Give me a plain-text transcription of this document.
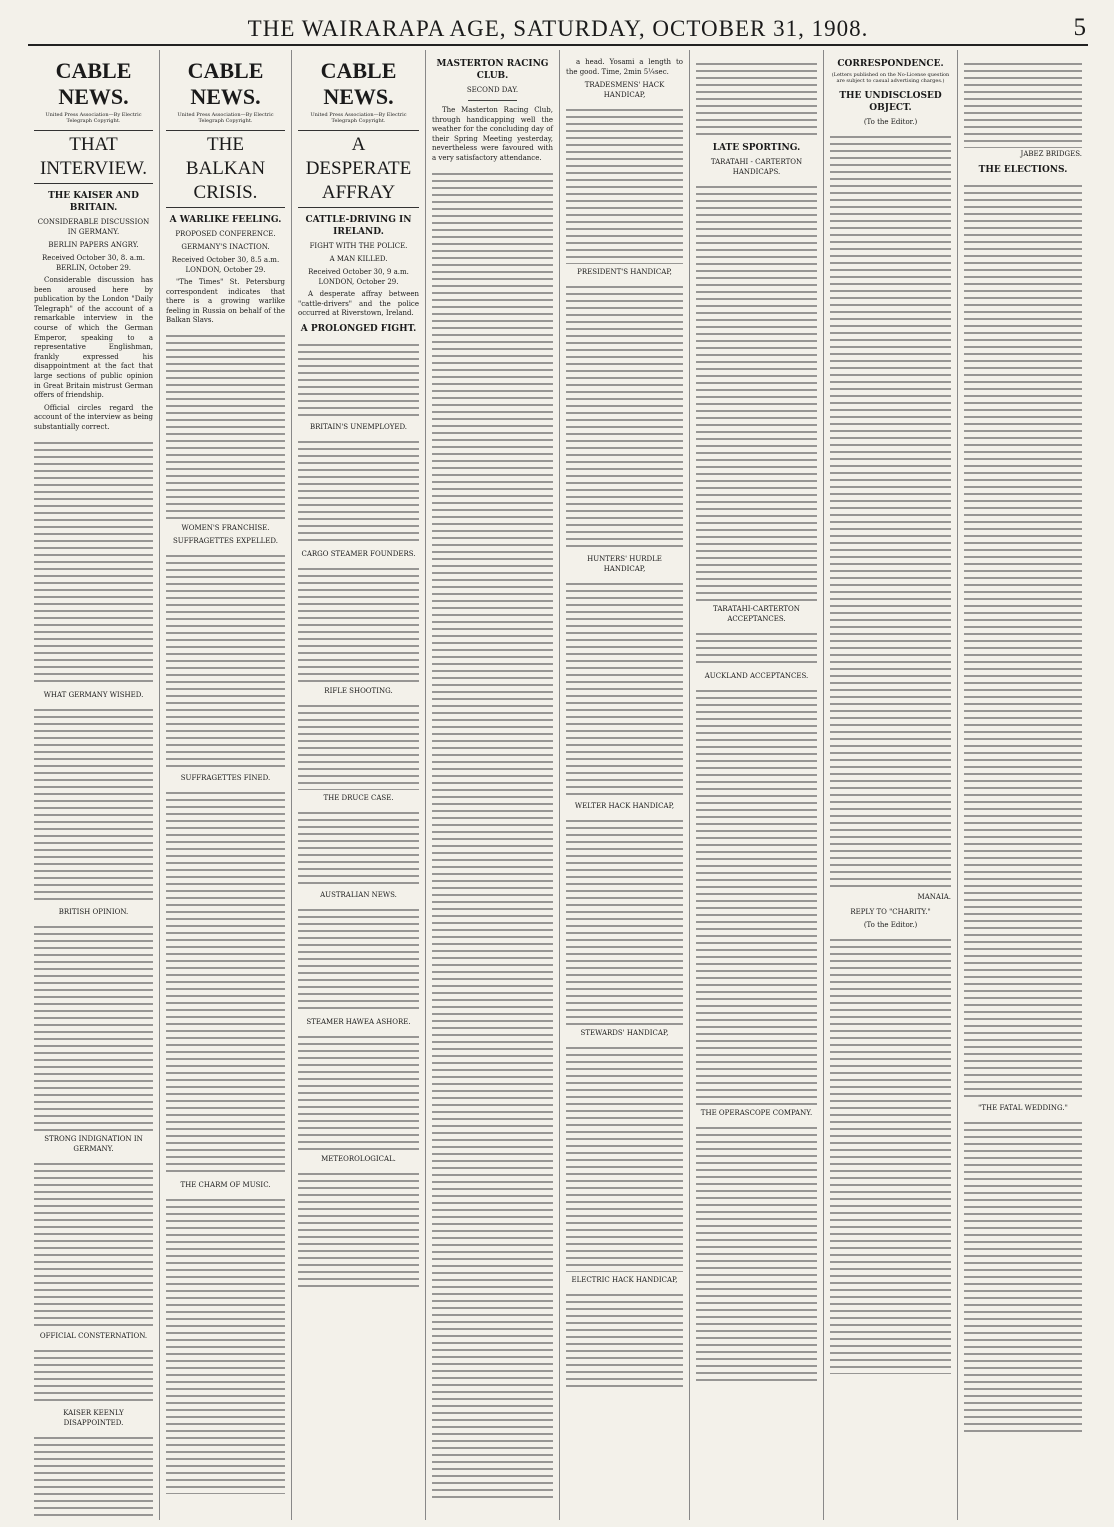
THE WAIRARAPA AGE, SATURDAY, OCTOBER 31, 1908.	5
CABLE NEWS.
United Press Association—By Electric Telegraph Copyright.
THAT INTERVIEW.
THE KAISER AND BRITAIN.
CONSIDERABLE DISCUSSION IN GERMANY.
BERLIN PAPERS ANGRY.
Received October 30, 8. a.m. BERLIN, October 29.

Considerable discussion has been aroused here by publication by the London "Daily Telegraph" of the account of a remarkable interview in the course of which the German Emperor, speaking to a representative Englishman, frankly expressed his disappointment at the fact that large sections of public opinion in Great Britain mistrust German offers of friendship.

Official circles regard the account of the interview as being substantially correct.

WHAT GERMANY WISHED.
BRITISH OPINION.
STRONG INDIGNATION IN GERMANY.
OFFICIAL CONSTERNATION.
KAISER KEENLY DISAPPOINTED.
CABLE NEWS.
United Press Association—By Electric Telegraph Copyright.
THE BALKAN CRISIS.
A WARLIKE FEELING.
PROPOSED CONFERENCE.
GERMANY'S INACTION.
Received October 30, 8.5 a.m. LONDON, October 29.

"The Times" St. Petersburg correspondent indicates that there is a growing warlike feeling in Russia on behalf of the Balkan Slavs.

WOMEN'S FRANCHISE.
SUFFRAGETTES EXPELLED.
SUFFRAGETTES FINED.
THE CHARM OF MUSIC.
CABLE NEWS.
United Press Association—By Electric Telegraph Copyright.
A DESPERATE AFFRAY
CATTLE-DRIVING IN IRELAND.
FIGHT WITH THE POLICE.
A MAN KILLED.
Received October 30, 9 a.m. LONDON, October 29.

A desperate affray between "cattle-drivers" and the police occurred at Riverstown, Ireland.

A PROLONGED FIGHT.
BRITAIN'S UNEMPLOYED.
CARGO STEAMER FOUNDERS.
RIFLE SHOOTING.
THE DRUCE CASE.
AUSTRALIAN NEWS.
STEAMER HAWEA ASHORE.
METEOROLOGICAL.
MASTERTON RACING CLUB.
SECOND DAY.

The Masterton Racing Club, through handicapping well the weather for the concluding day of their Spring Meeting yesterday, nevertheless were favoured with a very satisfactory attendance.

a head. Yosami a length to the good. Time, 2min 5¼sec.

TRADESMENS' HACK HANDICAP,
PRESIDENT'S HANDICAP,
HUNTERS' HURDLE HANDICAP,
WELTER HACK HANDICAP,
STEWARDS' HANDICAP,
ELECTRIC HACK HANDICAP,
LATE SPORTING.
TARATAHI - CARTERTON HANDICAPS.
TARATAHI-CARTERTON ACCEPTANCES.
AUCKLAND ACCEPTANCES.
THE OPERASCOPE COMPANY.
CORRESPONDENCE.
(Letters published on the No-License question are subject to casual advertising charges.)
THE UNDISCLOSED OBJECT.
(To the Editor.)
MANAIA.
REPLY TO "CHARITY."
(To the Editor.)
JABEZ BRIDGES.
THE ELECTIONS.
"THE FATAL WEDDING."
